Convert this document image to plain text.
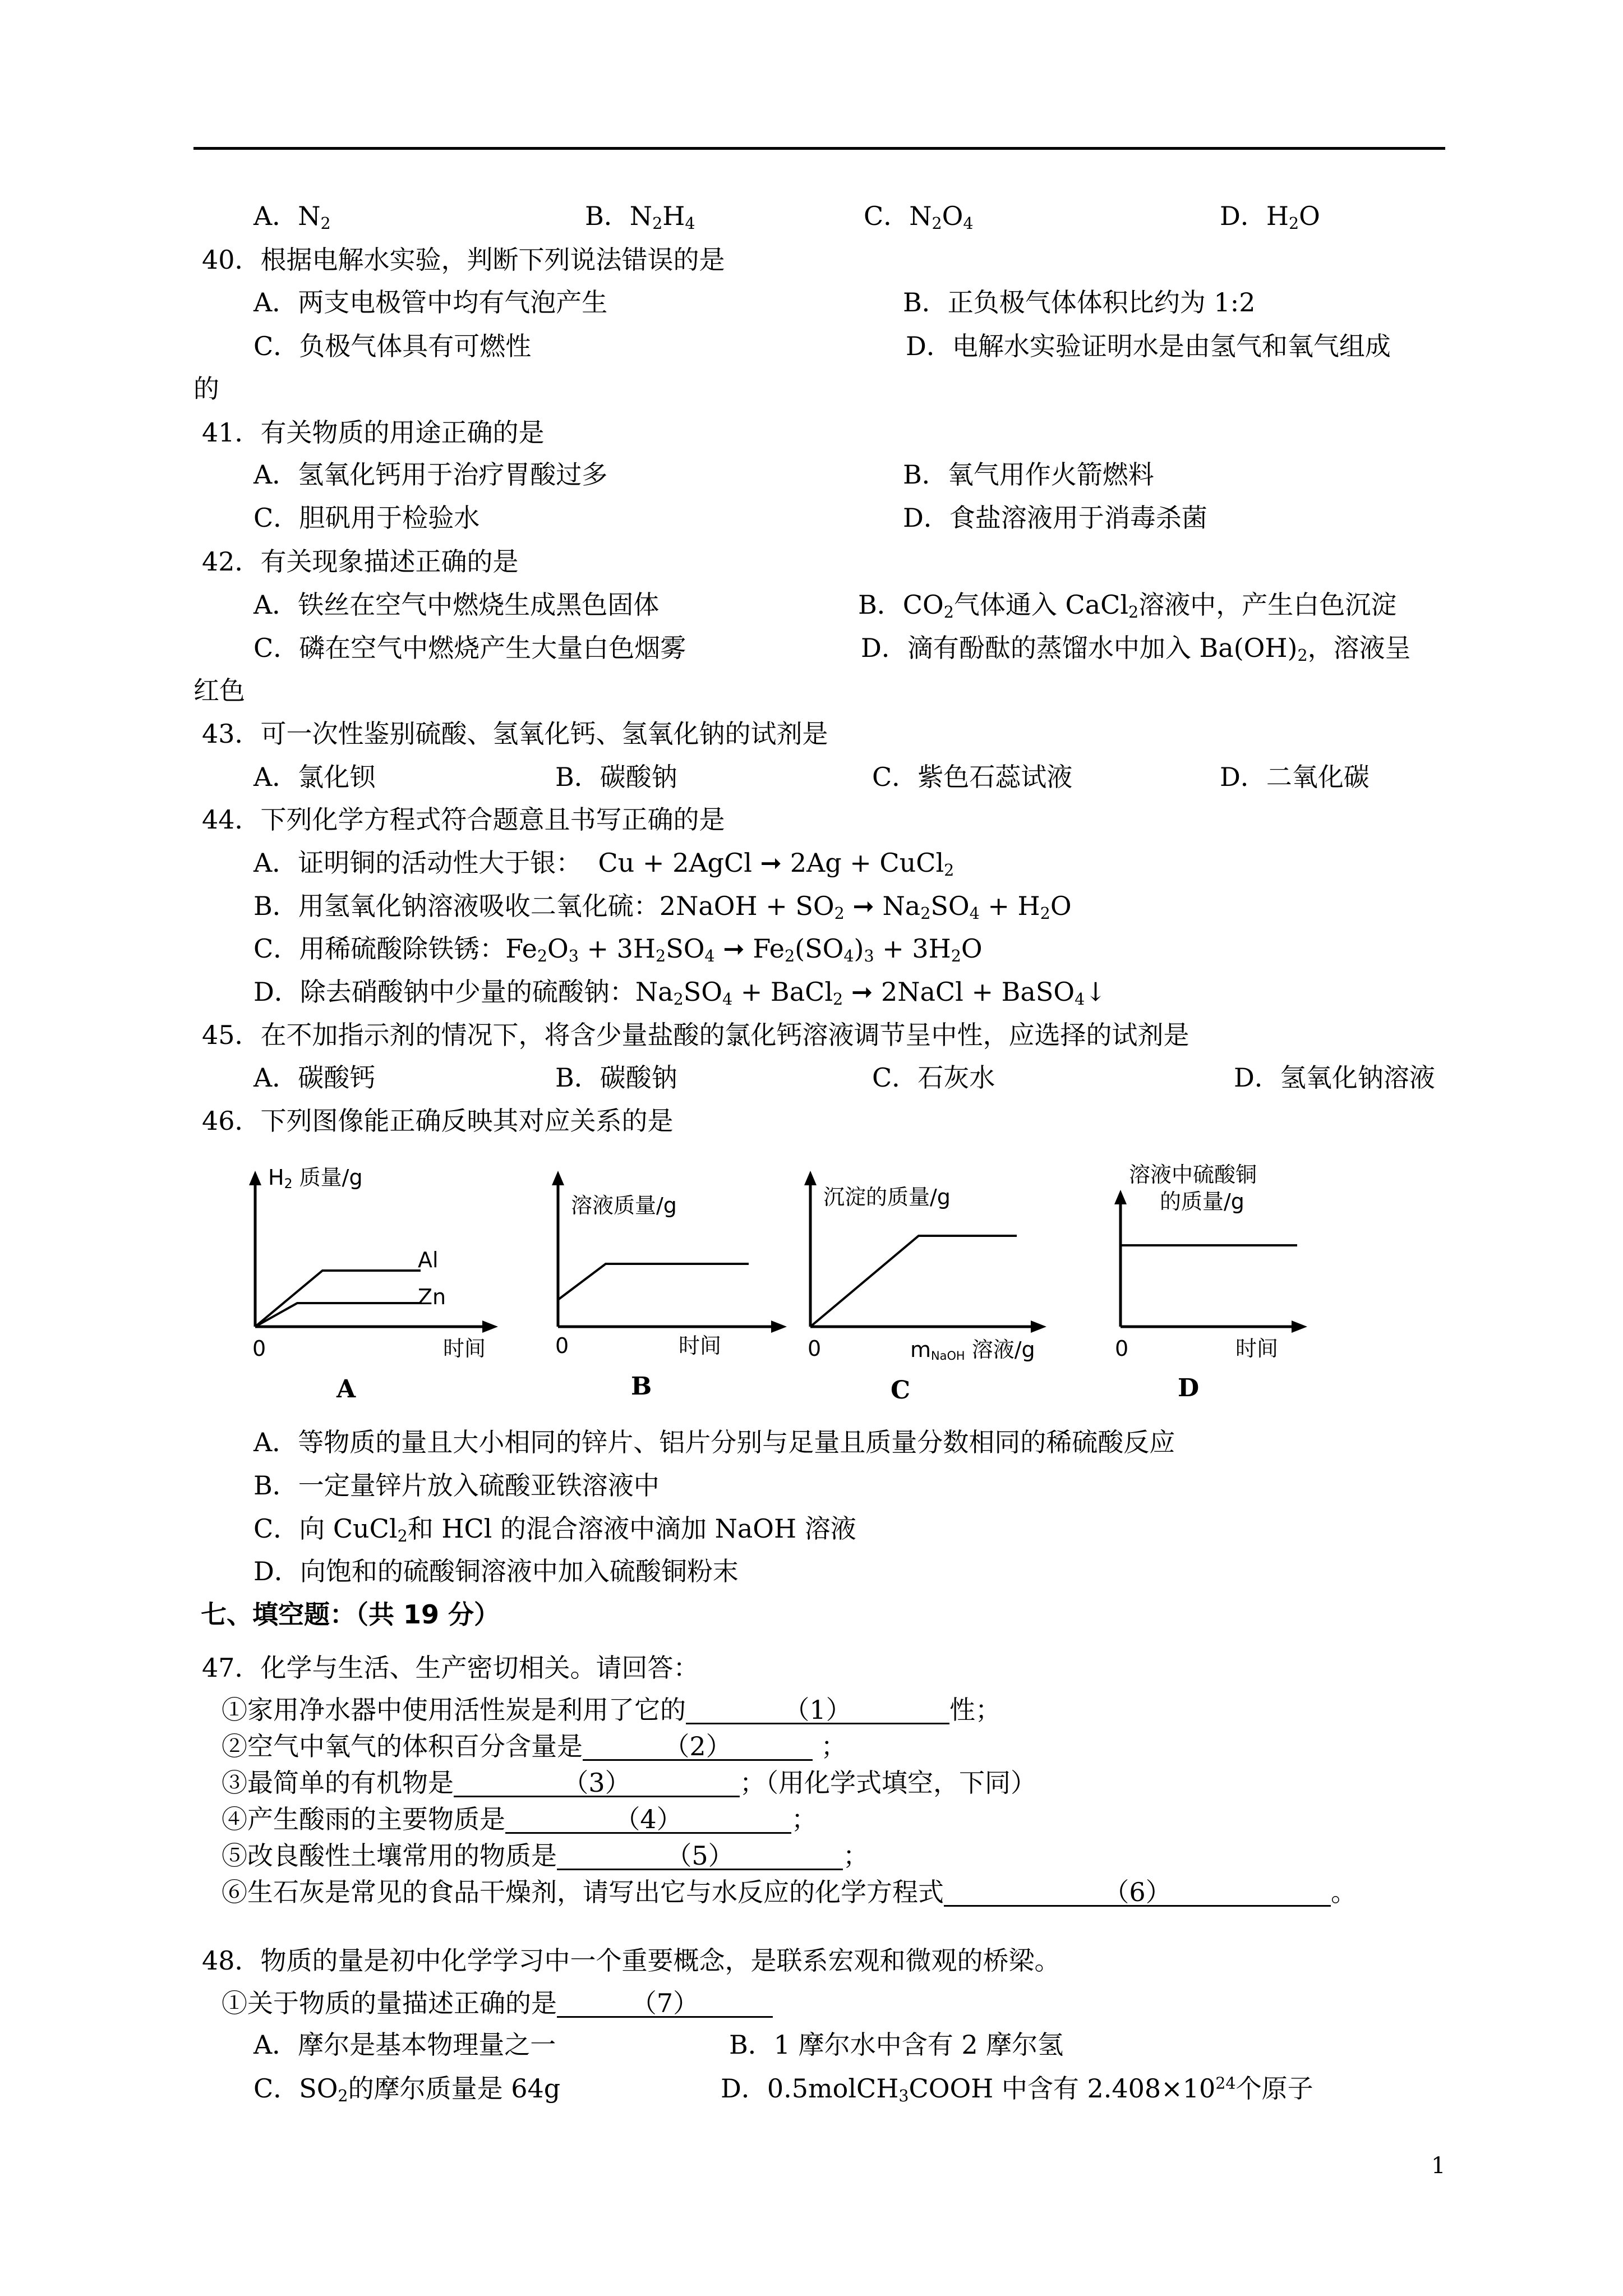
A．$N_2$	B．$N_2H_4$	C．$N_2O_4$	D．$H_2O$
40．根据电解水实验，判断下列说法错误的是
A．两支电极管中均有气泡产生	B．正负极气体体积比约为 1:2
C．负极气体具有可燃性	D．电解水实验证明水是由氢气和氧气组成
的
41．有关物质的用途正确的是
A．氢氧化钙用于治疗胃酸过多	B．氧气用作火箭燃料
C．胆矾用于检验水	D．食盐溶液用于消毒杀菌
42．有关现象描述正确的是
A．铁丝在空气中燃烧生成黑色固体	B．$CO_2$气体通入 CaCl$_2$溶液中，产生白色沉淀
C．磷在空气中燃烧产生大量白色烟雾	D．滴有酚酞的蒸馏水中加入 $Ba(OH)_2$，溶液呈
红色
43．可一次性鉴别硫酸、氢氧化钙、氢氧化钠的试剂是
A．氯化钡	B．碳酸钠	C．紫色石蕊试液	D．二氧化碳
44．下列化学方程式符合题意且书写正确的是
A．证明铜的活动性大于银：  Cu + 2AgCl ➞ 2Ag + CuCl$_2$
B．用氢氧化钠溶液吸收二氧化硫：2NaOH + $SO_2$ ➞ $Na_2SO_4 + H_2O$
C．用稀硫酸除铁锈：$Fe_2O_3 + 3H_2SO_4$ ➞ $Fe_2(SO_4)_3 + 3H_2O$
D．除去硝酸钠中少量的硫酸钠：$Na_2SO_4$ + BaCl$_2$ ➞ 2NaCl + BaSO$_4$↓
45．在不加指示剂的情况下，将含少量盐酸的氯化钙溶液调节呈中性，应选择的试剂是
A．碳酸钙	B．碳酸钠	C．石灰水	D．氢氧化钠溶液
46．下列图像能正确反映其对应关系的是
$H_2$ 质量/g
Al
Zn
0	时间
A
溶液质量/g
0	时间
B
沉淀的质量/g
0	$m_{NaOH}$ 溶液/g
C
溶液中硫酸铜
的质量/g
0	时间
D
A．等物质的量且大小相同的锌片、铝片分别与足量且质量分数相同的稀硫酸反应
B．一定量锌片放入硫酸亚铁溶液中
C．向 CuCl$_2$和 HCl 的混合溶液中滴加 NaOH 溶液
D．向饱和的硫酸铜溶液中加入硫酸铜粉末
七、填空题：（共 19 分）
47．化学与生活、生产密切相关。请回答：
①家用净水器中使用活性炭是利用了它的	（1）	性；
②空气中氧气的体积百分含量是	（2）	；
③最简单的有机物是	（3）	；（用化学式填空，下同）
④产生酸雨的主要物质是	（4）	；
⑤改良酸性土壤常用的物质是	（5）	；
⑥生石灰是常见的食品干燥剂，请写出它与水反应的化学方程式	（6）	。
48．物质的量是初中化学学习中一个重要概念，是联系宏观和微观的桥梁。
①关于物质的量描述正确的是	（7）
A．摩尔是基本物理量之一	B．1 摩尔水中含有 2 摩尔氢
C．$SO_2$的摩尔质量是 64g	D．0.5molCH$_3$COOH 中含有 $2.408\times 10^{24}$个原子
1
